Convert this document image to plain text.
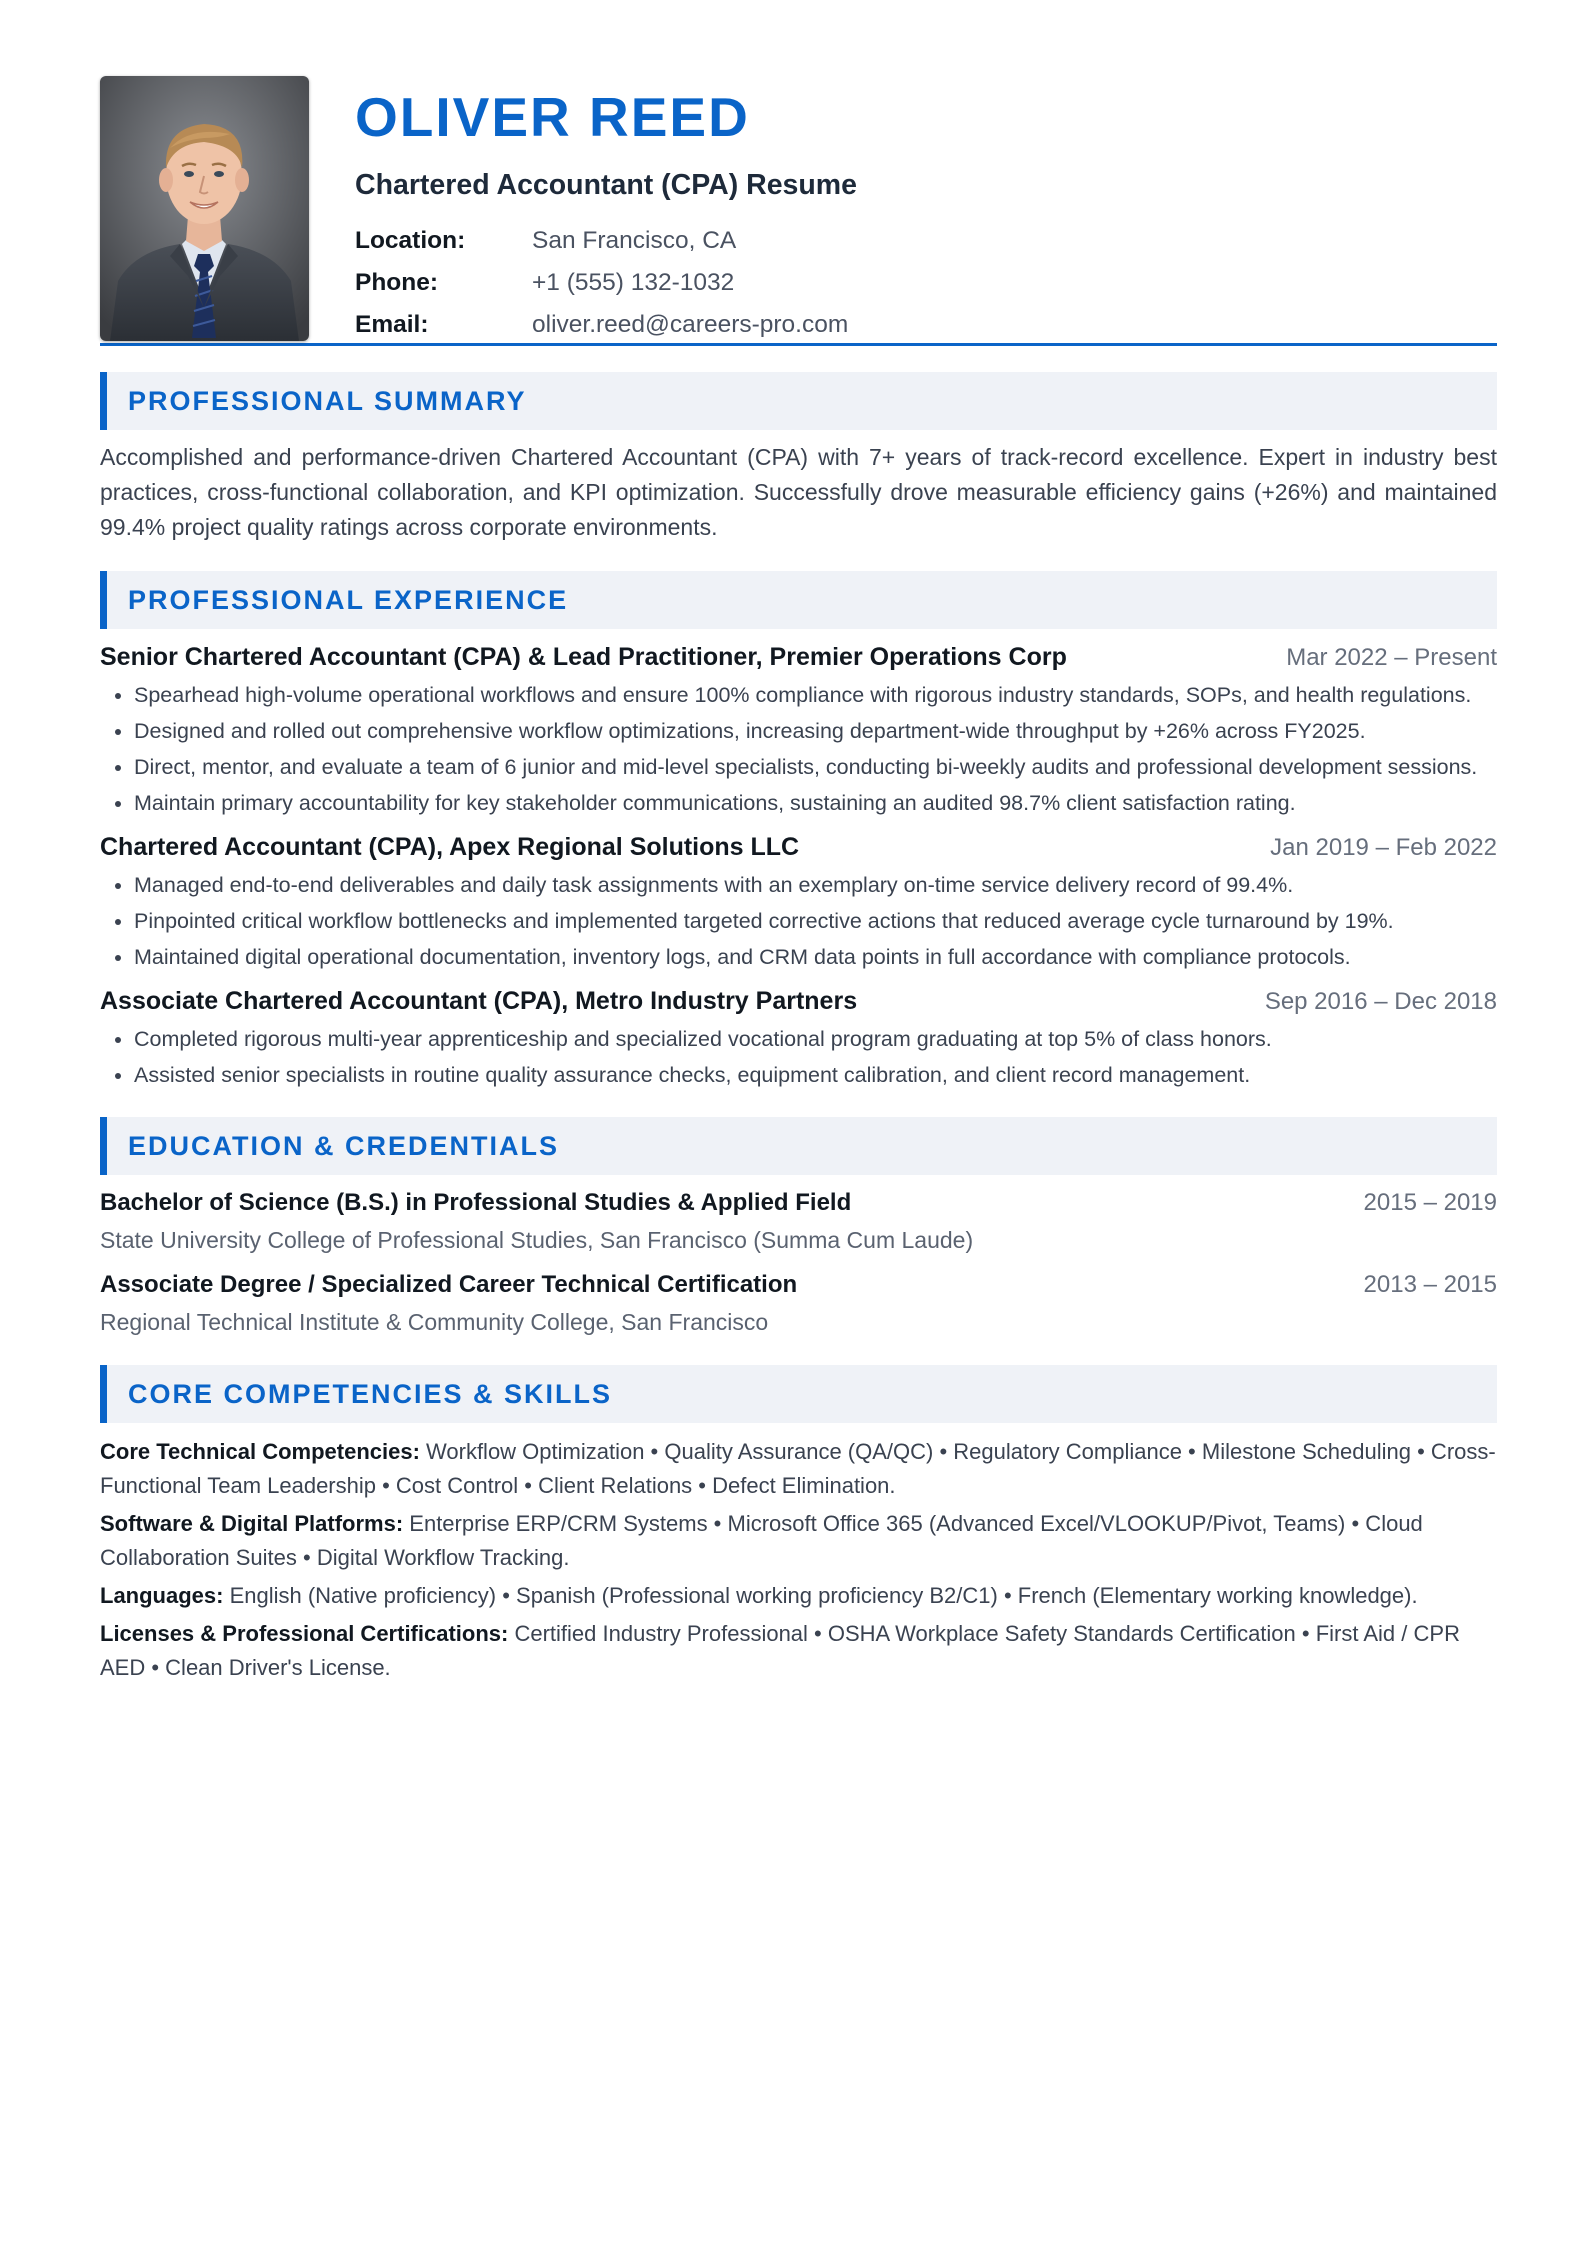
OLIVER REED
Chartered Accountant (CPA) Resume
Location:	San Francisco, CA
Phone:	+1 (555) 132-1032
Email:	oliver.reed@careers-pro.com
PROFESSIONAL SUMMARY
Accomplished and performance-driven Chartered Accountant (CPA) with 7+ years of track-record excellence. Expert in industry best practices, cross-functional collaboration, and KPI optimization. Successfully drove measurable efficiency gains (+26%) and maintained 99.4% project quality ratings across corporate environments.
PROFESSIONAL EXPERIENCE
Senior Chartered Accountant (CPA) & Lead Practitioner, Premier Operations Corp	Mar 2022 – Present
• Spearhead high-volume operational workflows and ensure 100% compliance with rigorous industry standards, SOPs, and health regulations.
• Designed and rolled out comprehensive workflow optimizations, increasing department-wide throughput by +26% across FY2025.
• Direct, mentor, and evaluate a team of 6 junior and mid-level specialists, conducting bi-weekly audits and professional development sessions.
• Maintain primary accountability for key stakeholder communications, sustaining an audited 98.7% client satisfaction rating.
Chartered Accountant (CPA), Apex Regional Solutions LLC	Jan 2019 – Feb 2022
• Managed end-to-end deliverables and daily task assignments with an exemplary on-time service delivery record of 99.4%.
• Pinpointed critical workflow bottlenecks and implemented targeted corrective actions that reduced average cycle turnaround by 19%.
• Maintained digital operational documentation, inventory logs, and CRM data points in full accordance with compliance protocols.
Associate Chartered Accountant (CPA), Metro Industry Partners	Sep 2016 – Dec 2018
• Completed rigorous multi-year apprenticeship and specialized vocational program graduating at top 5% of class honors.
• Assisted senior specialists in routine quality assurance checks, equipment calibration, and client record management.
EDUCATION & CREDENTIALS
Bachelor of Science (B.S.) in Professional Studies & Applied Field	2015 – 2019
State University College of Professional Studies, San Francisco (Summa Cum Laude)
Associate Degree / Specialized Career Technical Certification	2013 – 2015
Regional Technical Institute & Community College, San Francisco
CORE COMPETENCIES & SKILLS
Core Technical Competencies: Workflow Optimization • Quality Assurance (QA/QC) • Regulatory Compliance • Milestone Scheduling • Cross-Functional Team Leadership • Cost Control • Client Relations • Defect Elimination.
Software & Digital Platforms: Enterprise ERP/CRM Systems • Microsoft Office 365 (Advanced Excel/VLOOKUP/Pivot, Teams) • Cloud Collaboration Suites • Digital Workflow Tracking.
Languages: English (Native proficiency) • Spanish (Professional working proficiency B2/C1) • French (Elementary working knowledge).
Licenses & Professional Certifications: Certified Industry Professional • OSHA Workplace Safety Standards Certification • First Aid / CPR AED • Clean Driver's License.
